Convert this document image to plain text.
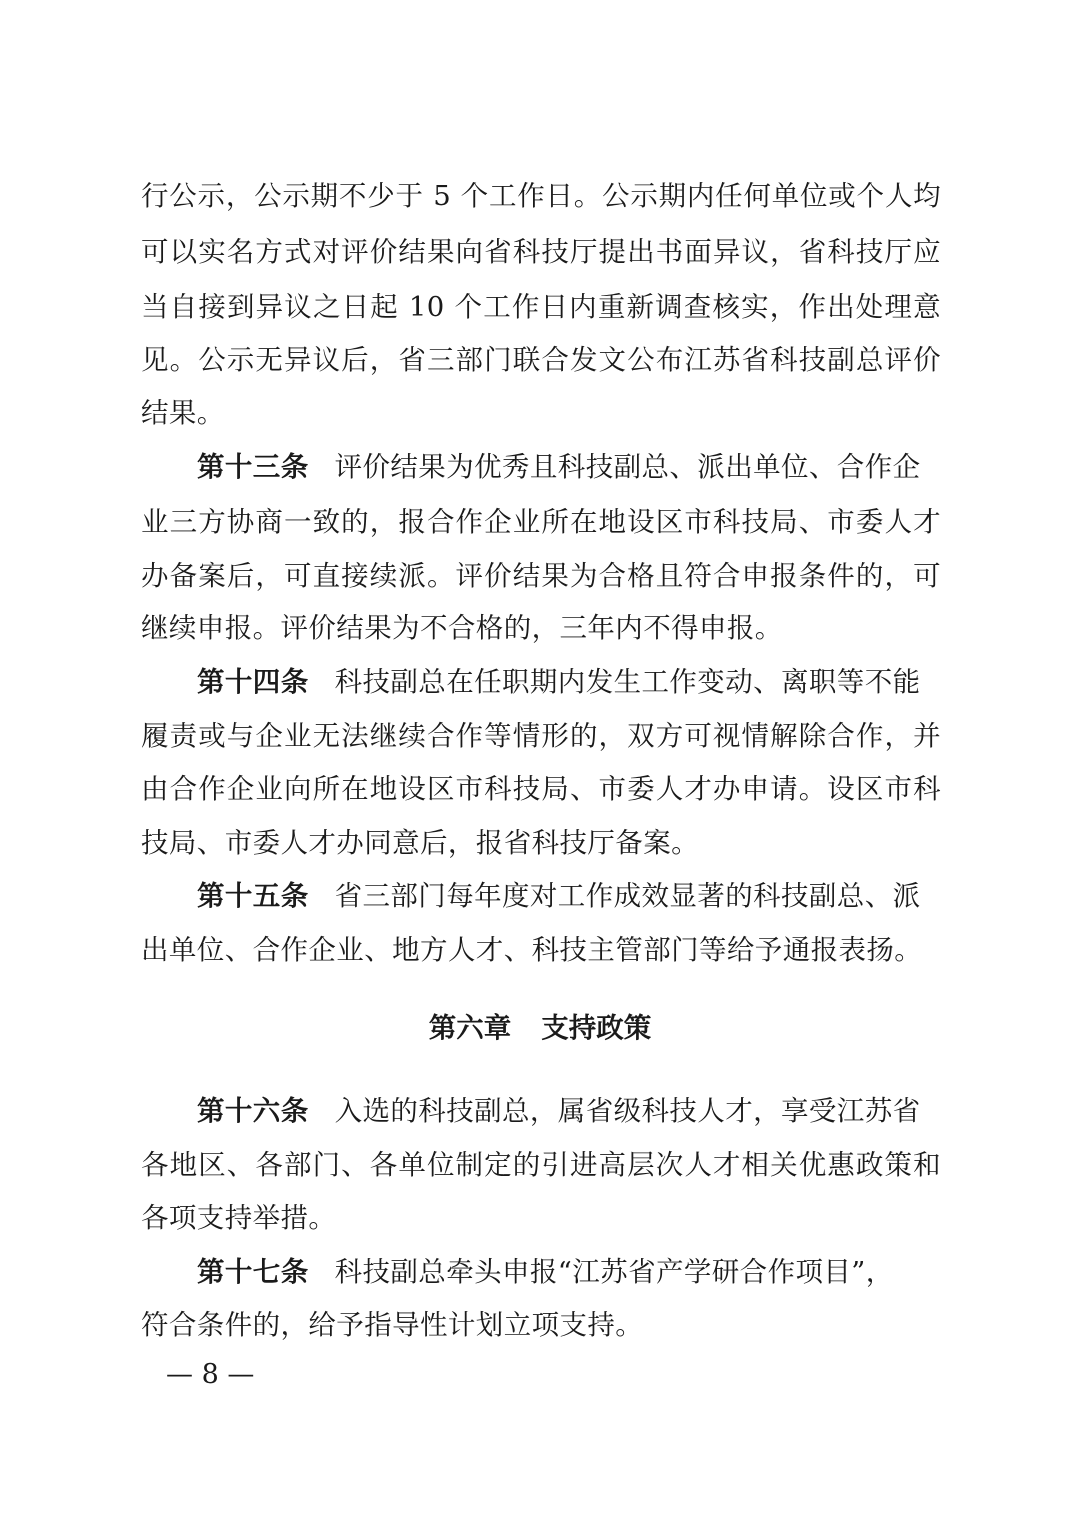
行公示，公示期不少于 5 个工作日。公示期内任何单位或个人均
可以实名方式对评价结果向省科技厅提出书面异议，省科技厅应
当自接到异议之日起 10 个工作日内重新调查核实，作出处理意
见。公示无异议后，省三部门联合发文公布江苏省科技副总评价
结果。
第十三条 评价结果为优秀且科技副总、派出单位、合作企
业三方协商一致的，报合作企业所在地设区市科技局、市委人才
办备案后，可直接续派。评价结果为合格且符合申报条件的，可
继续申报。评价结果为不合格的，三年内不得申报。
第十四条 科技副总在任职期内发生工作变动、离职等不能
履责或与企业无法继续合作等情形的，双方可视情解除合作，并
由合作企业向所在地设区市科技局、市委人才办申请。设区市科
技局、市委人才办同意后，报省科技厅备案。
第十五条 省三部门每年度对工作成效显著的科技副总、派
出单位、合作企业、地方人才、科技主管部门等给予通报表扬。
第六章 支持政策
第十六条 入选的科技副总，属省级科技人才，享受江苏省
各地区、各部门、各单位制定的引进高层次人才相关优惠政策和
各项支持举措。
第十七条 科技副总牵头申报“江苏省产学研合作项目”，
符合条件的，给予指导性计划立项支持。
— 8 —
